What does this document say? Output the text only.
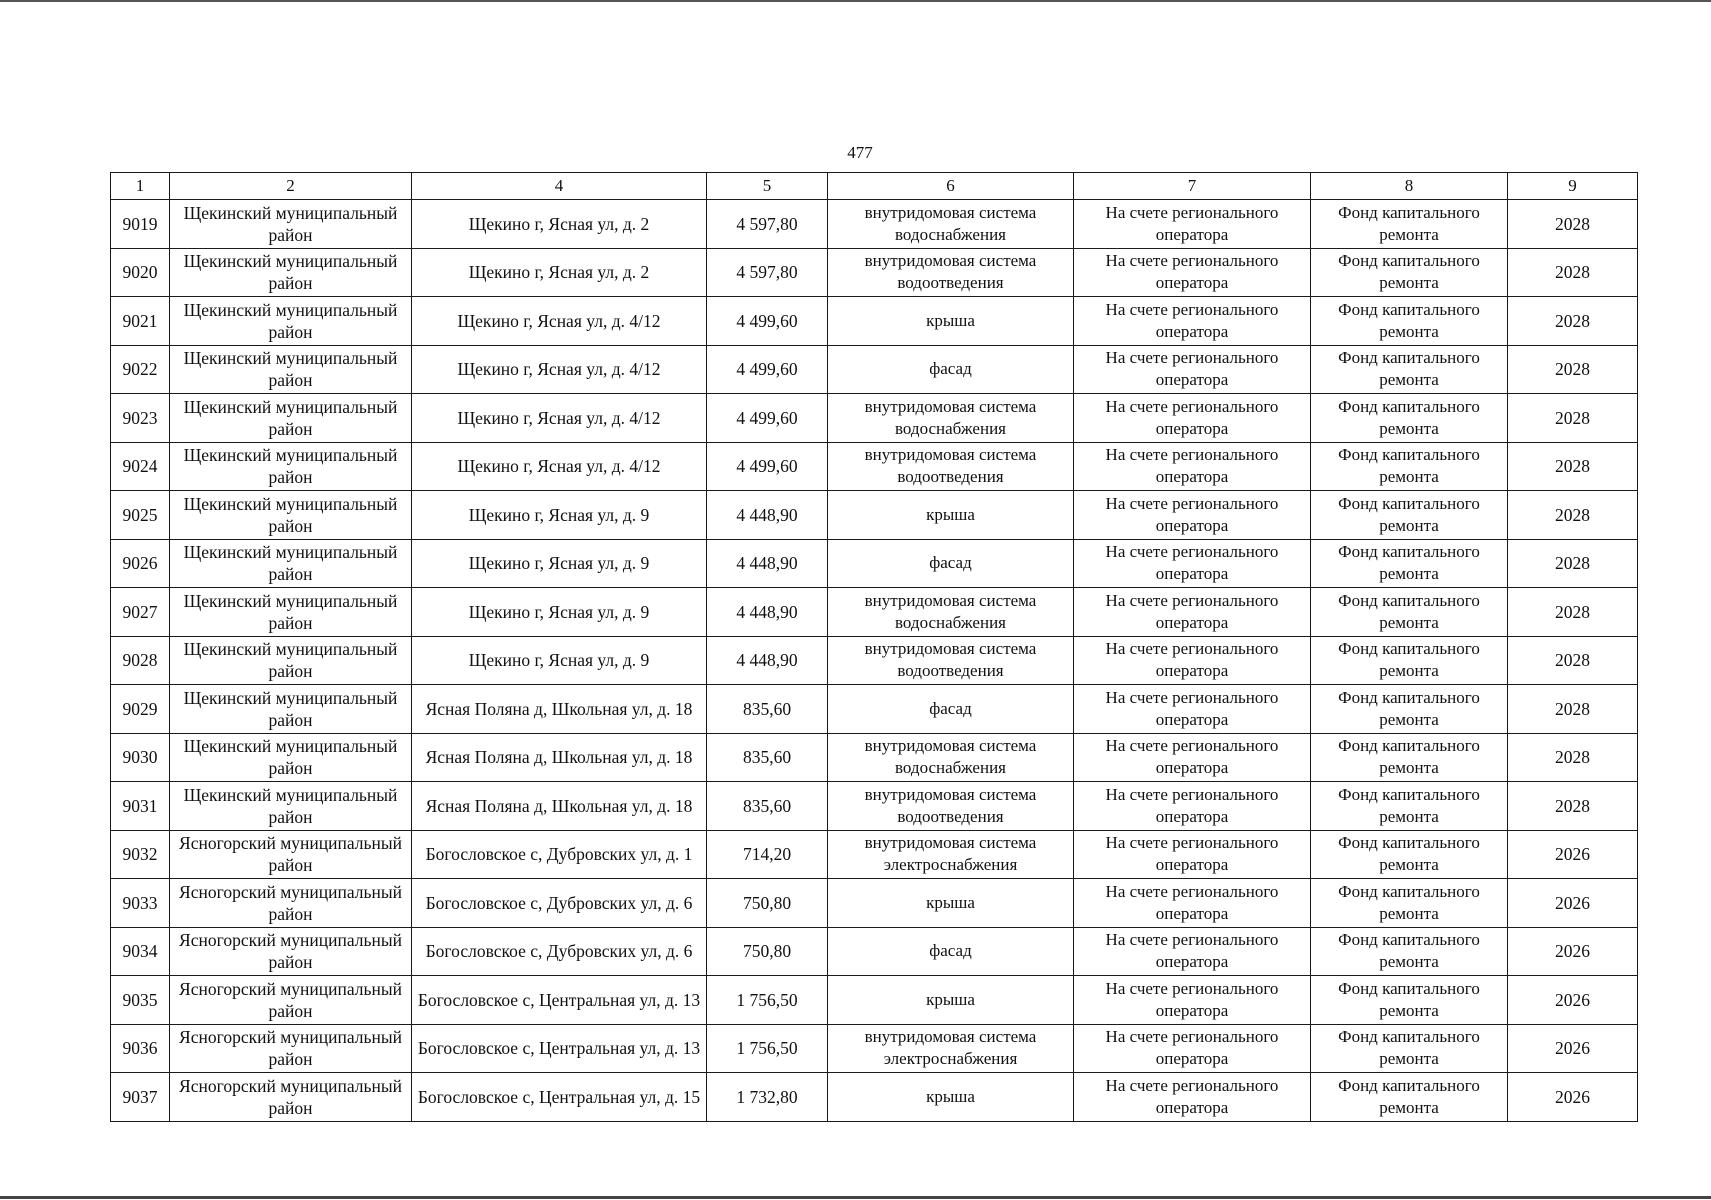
477
1	2	4	5	6	7	8	9
9019	Щекинский муниципальный район	Щекино г, Ясная ул, д. 2	4 597,80	внутридомовая система водоснабжения	На счете регионального оператора	Фонд капитального ремонта	2028
9020	Щекинский муниципальный район	Щекино г, Ясная ул, д. 2	4 597,80	внутридомовая система водоотведения	На счете регионального оператора	Фонд капитального ремонта	2028
9021	Щекинский муниципальный район	Щекино г, Ясная ул, д. 4/12	4 499,60	крыша	На счете регионального оператора	Фонд капитального ремонта	2028
9022	Щекинский муниципальный район	Щекино г, Ясная ул, д. 4/12	4 499,60	фасад	На счете регионального оператора	Фонд капитального ремонта	2028
9023	Щекинский муниципальный район	Щекино г, Ясная ул, д. 4/12	4 499,60	внутридомовая система водоснабжения	На счете регионального оператора	Фонд капитального ремонта	2028
9024	Щекинский муниципальный район	Щекино г, Ясная ул, д. 4/12	4 499,60	внутридомовая система водоотведения	На счете регионального оператора	Фонд капитального ремонта	2028
9025	Щекинский муниципальный район	Щекино г, Ясная ул, д. 9	4 448,90	крыша	На счете регионального оператора	Фонд капитального ремонта	2028
9026	Щекинский муниципальный район	Щекино г, Ясная ул, д. 9	4 448,90	фасад	На счете регионального оператора	Фонд капитального ремонта	2028
9027	Щекинский муниципальный район	Щекино г, Ясная ул, д. 9	4 448,90	внутридомовая система водоснабжения	На счете регионального оператора	Фонд капитального ремонта	2028
9028	Щекинский муниципальный район	Щекино г, Ясная ул, д. 9	4 448,90	внутридомовая система водоотведения	На счете регионального оператора	Фонд капитального ремонта	2028
9029	Щекинский муниципальный район	Ясная Поляна д, Школьная ул, д. 18	835,60	фасад	На счете регионального оператора	Фонд капитального ремонта	2028
9030	Щекинский муниципальный район	Ясная Поляна д, Школьная ул, д. 18	835,60	внутридомовая система водоснабжения	На счете регионального оператора	Фонд капитального ремонта	2028
9031	Щекинский муниципальный район	Ясная Поляна д, Школьная ул, д. 18	835,60	внутридомовая система водоотведения	На счете регионального оператора	Фонд капитального ремонта	2028
9032	Ясногорский муниципальный район	Богословское с, Дубровских ул, д. 1	714,20	внутридомовая система электроснабжения	На счете регионального оператора	Фонд капитального ремонта	2026
9033	Ясногорский муниципальный район	Богословское с, Дубровских ул, д. 6	750,80	крыша	На счете регионального оператора	Фонд капитального ремонта	2026
9034	Ясногорский муниципальный район	Богословское с, Дубровских ул, д. 6	750,80	фасад	На счете регионального оператора	Фонд капитального ремонта	2026
9035	Ясногорский муниципальный район	Богословское с, Центральная ул, д. 13	1 756,50	крыша	На счете регионального оператора	Фонд капитального ремонта	2026
9036	Ясногорский муниципальный район	Богословское с, Центральная ул, д. 13	1 756,50	внутридомовая система электроснабжения	На счете регионального оператора	Фонд капитального ремонта	2026
9037	Ясногорский муниципальный район	Богословское с, Центральная ул, д. 15	1 732,80	крыша	На счете регионального оператора	Фонд капитального ремонта	2026
